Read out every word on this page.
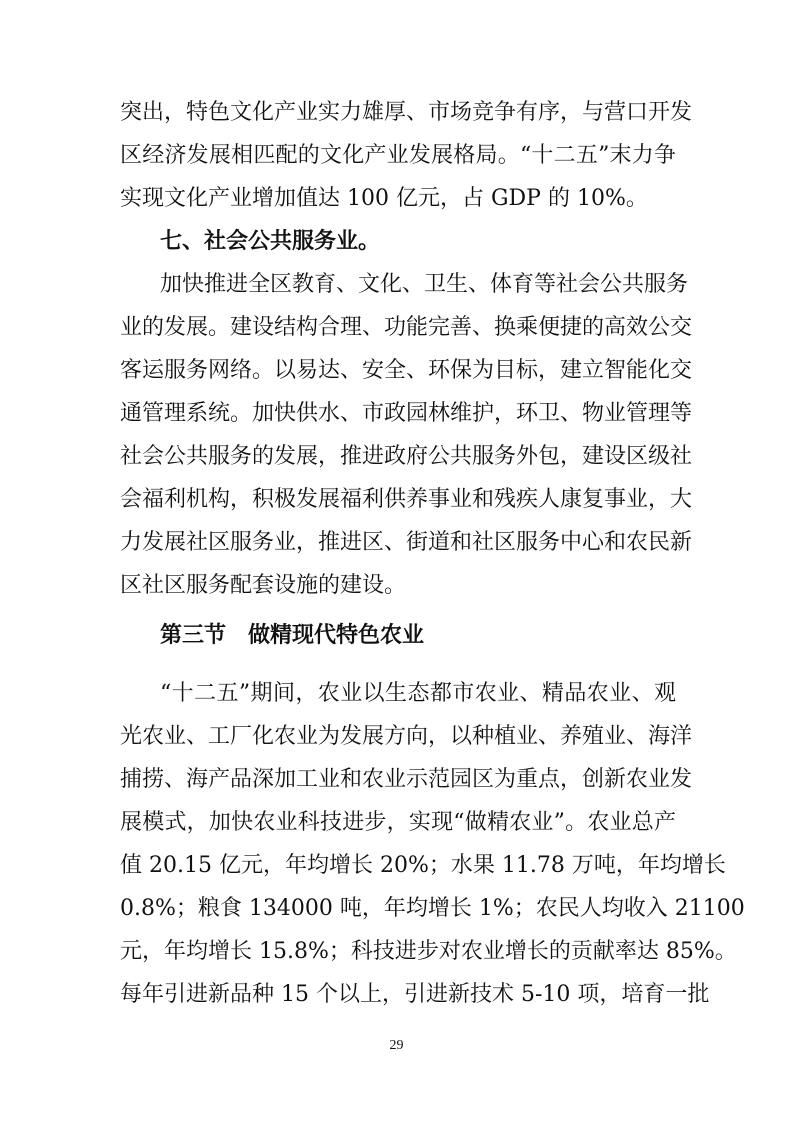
突出，特色文化产业实力雄厚、市场竞争有序，与营口开发
区经济发展相匹配的文化产业发展格局。“十二五”末力争
实现文化产业增加值达 100 亿元，占 GDP 的 10%。
七、社会公共服务业。
加快推进全区教育、文化、卫生、体育等社会公共服务
业的发展。建设结构合理、功能完善、换乘便捷的高效公交
客运服务网络。以易达、安全、环保为目标，建立智能化交
通管理系统。加快供水、市政园林维护，环卫、物业管理等
社会公共服务的发展，推进政府公共服务外包，建设区级社
会福利机构，积极发展福利供养事业和残疾人康复事业，大
力发展社区服务业，推进区、街道和社区服务中心和农民新
区社区服务配套设施的建设。
第三节　做精现代特色农业
“十二五”期间，农业以生态都市农业、精品农业、观
光农业、工厂化农业为发展方向，以种植业、养殖业、海洋
捕捞、海产品深加工业和农业示范园区为重点，创新农业发
展模式，加快农业科技进步，实现“做精农业”。农业总产
值 20.15 亿元，年均增长 20%；水果 11.78 万吨，年均增长
0.8%；粮食 134000 吨，年均增长 1%；农民人均收入 21100
元，年均增长 15.8%；科技进步对农业增长的贡献率达 85%。
每年引进新品种 15 个以上，引进新技术 5-10 项，培育一批
29
